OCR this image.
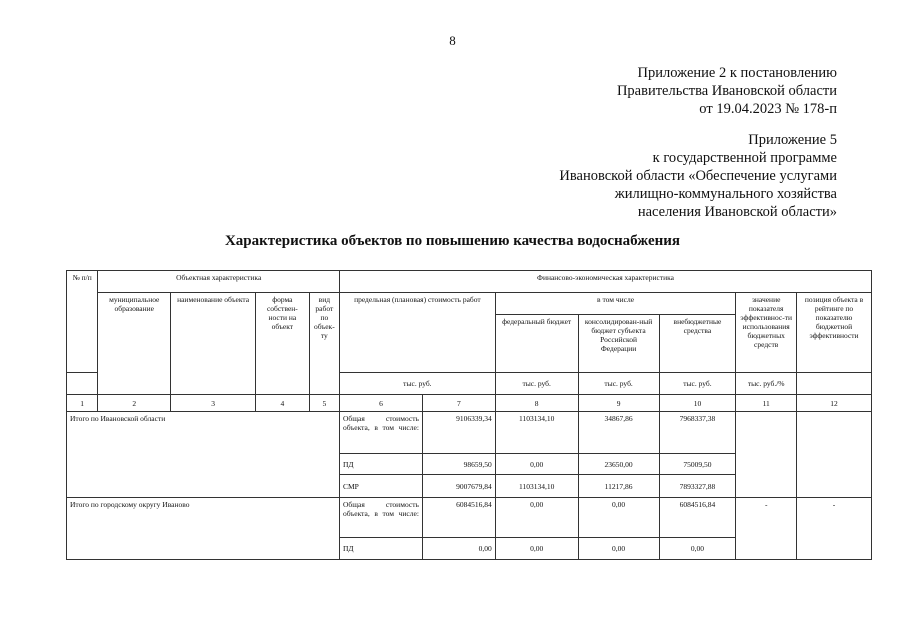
8
Приложение 2 к постановлению
Правительства Ивановской области
от 19.04.2023 № 178-п
Приложение 5
к государственной программе
Ивановской области «Обеспечение услугами
жилищно-коммунального хозяйства
населения Ивановской области»
Характеристика объектов по повышению качества водоснабжения
№ п/п	Объектная характеристика				Финансово-экономическая характеристика						
	муниципальное образование	наименование объекта	форма собствен-ности на объект	вид работ по объек-ту	предельная (плановая) стоимость работ		в том числе			значение показателя эффективнос-ти использования бюджетных средств	позиция объекта в рейтинге по показателю бюджетной эффективности
							федеральный бюджет	консолидирован-ный бюджет субъекта Российской Федерации	внебюджетные средства		
					тыс. руб.		тыс. руб.	тыс. руб.	тыс. руб.	тыс. руб./%	
1	2	3	4	5	6	7	8	9	10	11	12
Итого по Ивановской области					Общая стоимость объекта, в том числе:	9106339,34	1103134,10	34867,86	7968337,38		
					ПД	98659,50	0,00	23650,00	75009,50		
					СМР	9007679,84	1103134,10	11217,86	7893327,88		
Итого по городскому округу Иваново					Общая стоимость объекта, в том числе:	6084516,84	0,00	0,00	6084516,84	-	-
					ПД	0,00	0,00	0,00	0,00		
